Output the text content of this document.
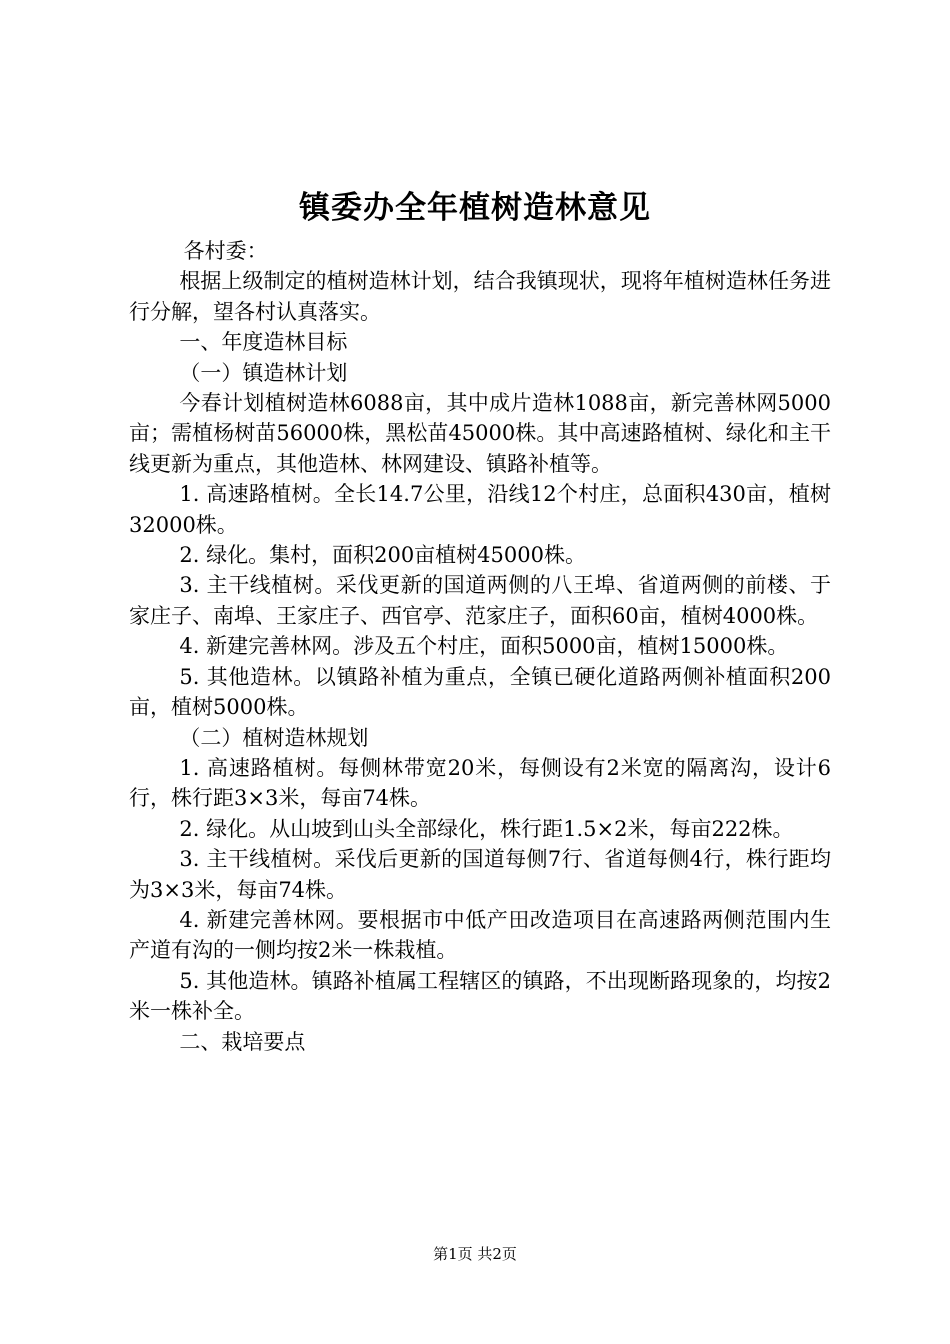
镇委办全年植树造林意见

各村委：

根据上级制定的植树造林计划，结合我镇现状，现将年植树造林任务进行分解，望各村认真落实。

一、年度造林目标

（一）镇造林计划

今春计划植树造林6088亩，其中成片造林1088亩，新完善林网5000亩；需植杨树苗56000株，黑松苗45000株。其中高速路植树、绿化和主干线更新为重点，其他造林、林网建设、镇路补植等。

1. 高速路植树。全长14.7公里，沿线12个村庄，总面积430亩，植树32000株。

2. 绿化。集村，面积200亩植树45000株。

3. 主干线植树。采伐更新的国道两侧的八王埠、省道两侧的前楼、于家庄子、南埠、王家庄子、西官亭、范家庄子，面积60亩，植树4000株。

4. 新建完善林网。涉及五个村庄，面积5000亩，植树15000株。

5. 其他造林。以镇路补植为重点，全镇已硬化道路两侧补植面积200亩，植树5000株。

（二）植树造林规划

1. 高速路植树。每侧林带宽20米，每侧设有2米宽的隔离沟，设计6行，株行距3×3米，每亩74株。

2. 绿化。从山坡到山头全部绿化，株行距1.5×2米，每亩222株。

3. 主干线植树。采伐后更新的国道每侧7行、省道每侧4行，株行距均为3×3米，每亩74株。

4. 新建完善林网。要根据市中低产田改造项目在高速路两侧范围内生产道有沟的一侧均按2米一株栽植。

5. 其他造林。镇路补植属工程辖区的镇路，不出现断路现象的，均按2米一株补全。

二、栽培要点

第1页 共2页
